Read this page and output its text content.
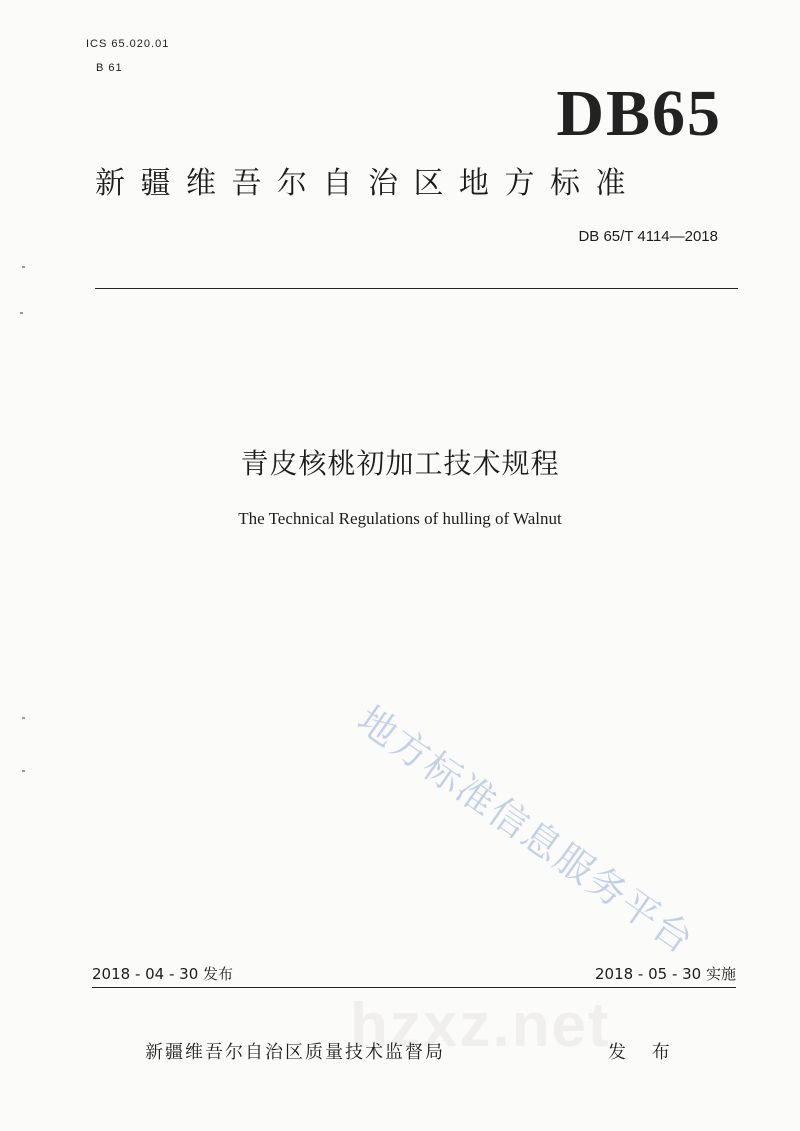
hzxz.net
ICS 65.020.01
B 61
DB65
新疆维吾尔自治区地方标准
DB 65/T 4114—2018
青皮核桃初加工技术规程
The Technical Regulations of hulling of Walnut
地方标准信息服务平台
2018 - 04 - 30 发布	2018 - 05 - 30 实施
新疆维吾尔自治区质量技术监督局	发 布
